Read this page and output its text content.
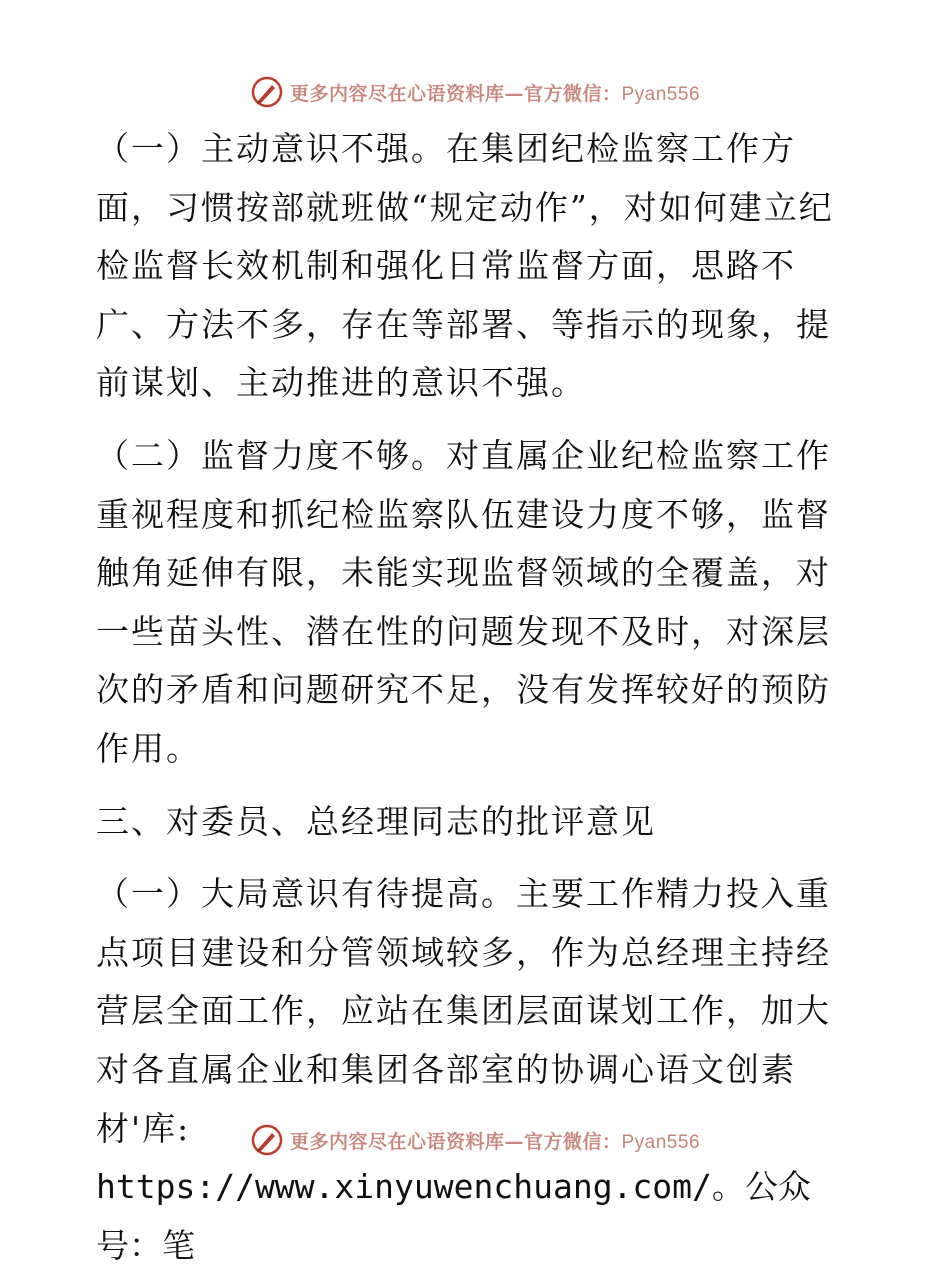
更多内容尽在心语资料库—官方微信：Pyan556

（一）主动意识不强。在集团纪检监察工作方面，习惯按部就班做“规定动作”，对如何建立纪检监督长效机制和强化日常监督方面，思路不广、方法不多，存在等部署、等指示的现象，提前谋划、主动推进的意识不强。

（二）监督力度不够。对直属企业纪检监察工作重视程度和抓纪检监察队伍建设力度不够，监督触角延伸有限，未能实现监督领域的全覆盖，对一些苗头性、潜在性的问题发现不及时，对深层次的矛盾和问题研究不足，没有发挥较好的预防作用。

三、对委员、总经理同志的批评意见

（一）大局意识有待提高。主要工作精力投入重点项目建设和分管领域较多，作为总经理主持经营层全面工作，应站在集团层面谋划工作，加大对各直属企业和集团各部室的协调心语文创素材'库:

https://www.xinyuwenchuang.com/。公众号：笔

更多内容尽在心语资料库—官方微信：Pyan556
